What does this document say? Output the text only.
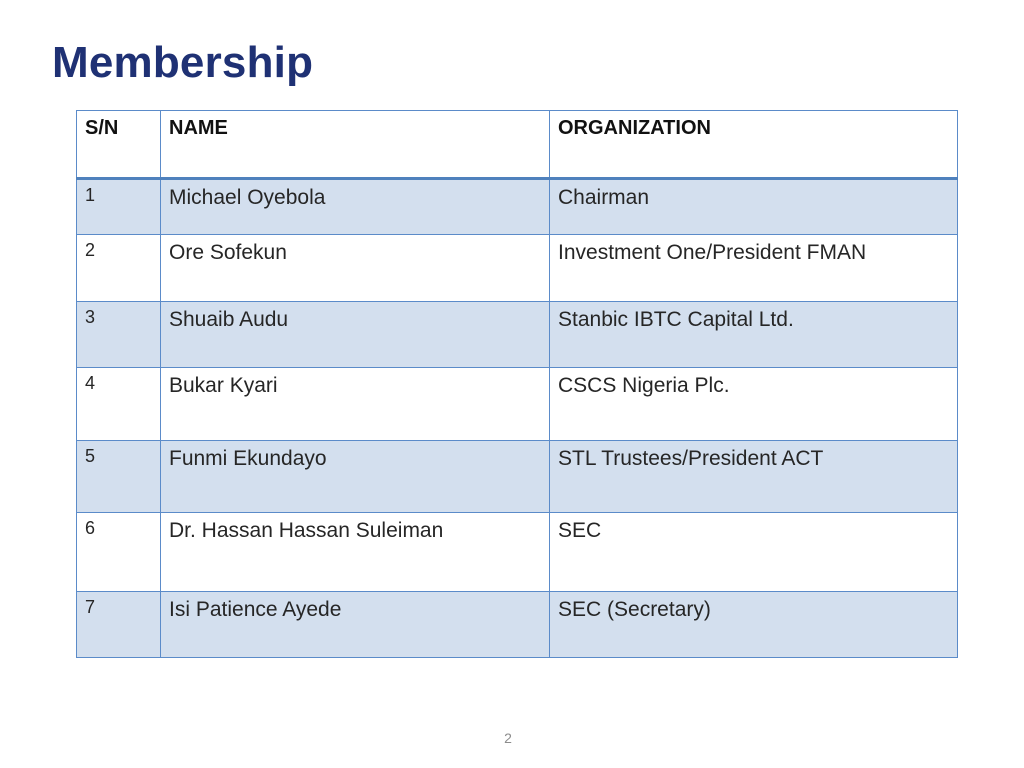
Membership
S/N	NAME	ORGANIZATION
1	Michael Oyebola	Chairman
2	Ore Sofekun	Investment One/President FMAN
3	Shuaib Audu	Stanbic IBTC Capital Ltd.
4	Bukar Kyari	CSCS Nigeria Plc.
5	Funmi Ekundayo	STL Trustees/President ACT
6	Dr. Hassan Hassan Suleiman	SEC
7	Isi Patience Ayede	SEC (Secretary)
2
